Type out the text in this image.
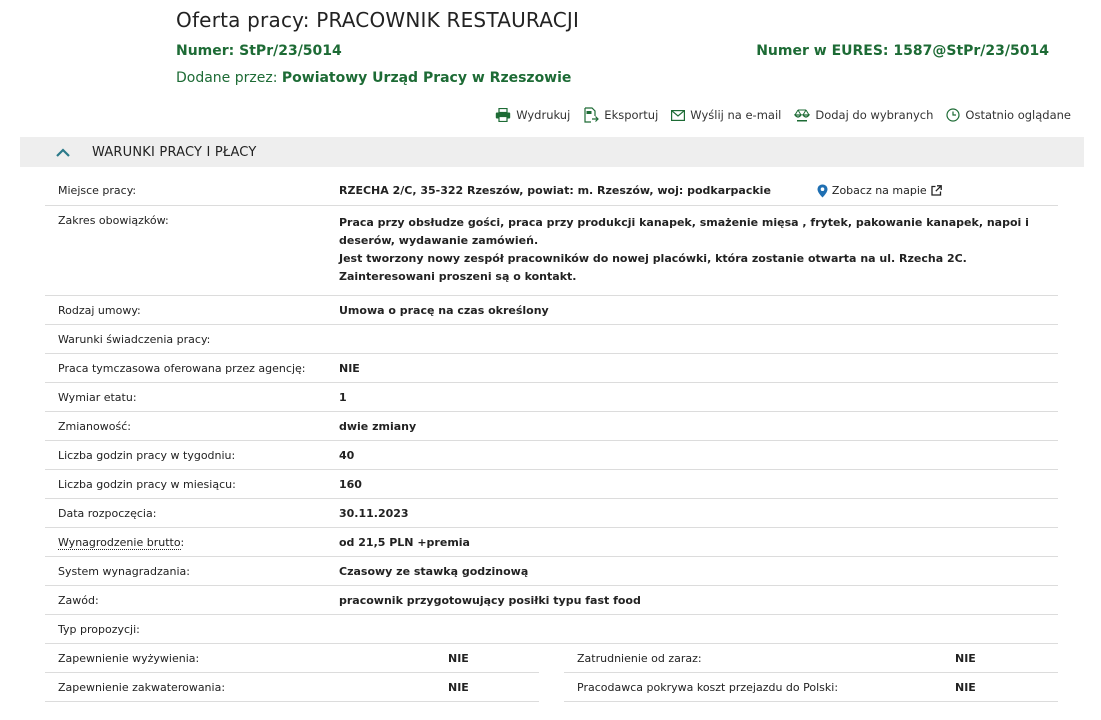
Oferta pracy: PRACOWNIK RESTAURACJI
Numer: StPr/23/5014	Numer w EURES: 1587@StPr/23/5014
Dodane przez: Powiatowy Urząd Pracy w Rzeszowie
Wydrukuj	Eksportuj	Wyślij na e-mail	Dodaj do wybranych	Ostatnio oglądane
WARUNKI PRACY I PŁACY
Miejsce pracy:	RZECHA 2/C, 35-322 Rzeszów, powiat: m. Rzeszów, woj: podkarpackie	Zobacz na mapie
Zakres obowiązków:	Praca przy obsłudze gości, praca przy produkcji kanapek, smażenie mięsa , frytek, pakowanie kanapek, napoi i deserów, wydawanie zamówień.
Jest tworzony nowy zespół pracowników do nowej placówki, która zostanie otwarta na ul. Rzecha 2C. Zainteresowani proszeni są o kontakt.
Rodzaj umowy:	Umowa o pracę na czas określony
Warunki świadczenia pracy:
Praca tymczasowa oferowana przez agencję:	NIE
Wymiar etatu:	1
Zmianowość:	dwie zmiany
Liczba godzin pracy w tygodniu:	40
Liczba godzin pracy w miesiącu:	160
Data rozpoczęcia:	30.11.2023
Wynagrodzenie brutto:	od 21,5 PLN +premia
System wynagradzania:	Czasowy ze stawką godzinową
Zawód:	pracownik przygotowujący posiłki typu fast food
Typ propozycji:
Zapewnienie wyżywienia:	NIE	Zatrudnienie od zaraz:	NIE
Zapewnienie zakwaterowania:	NIE	Pracodawca pokrywa koszt przejazdu do Polski:	NIE
